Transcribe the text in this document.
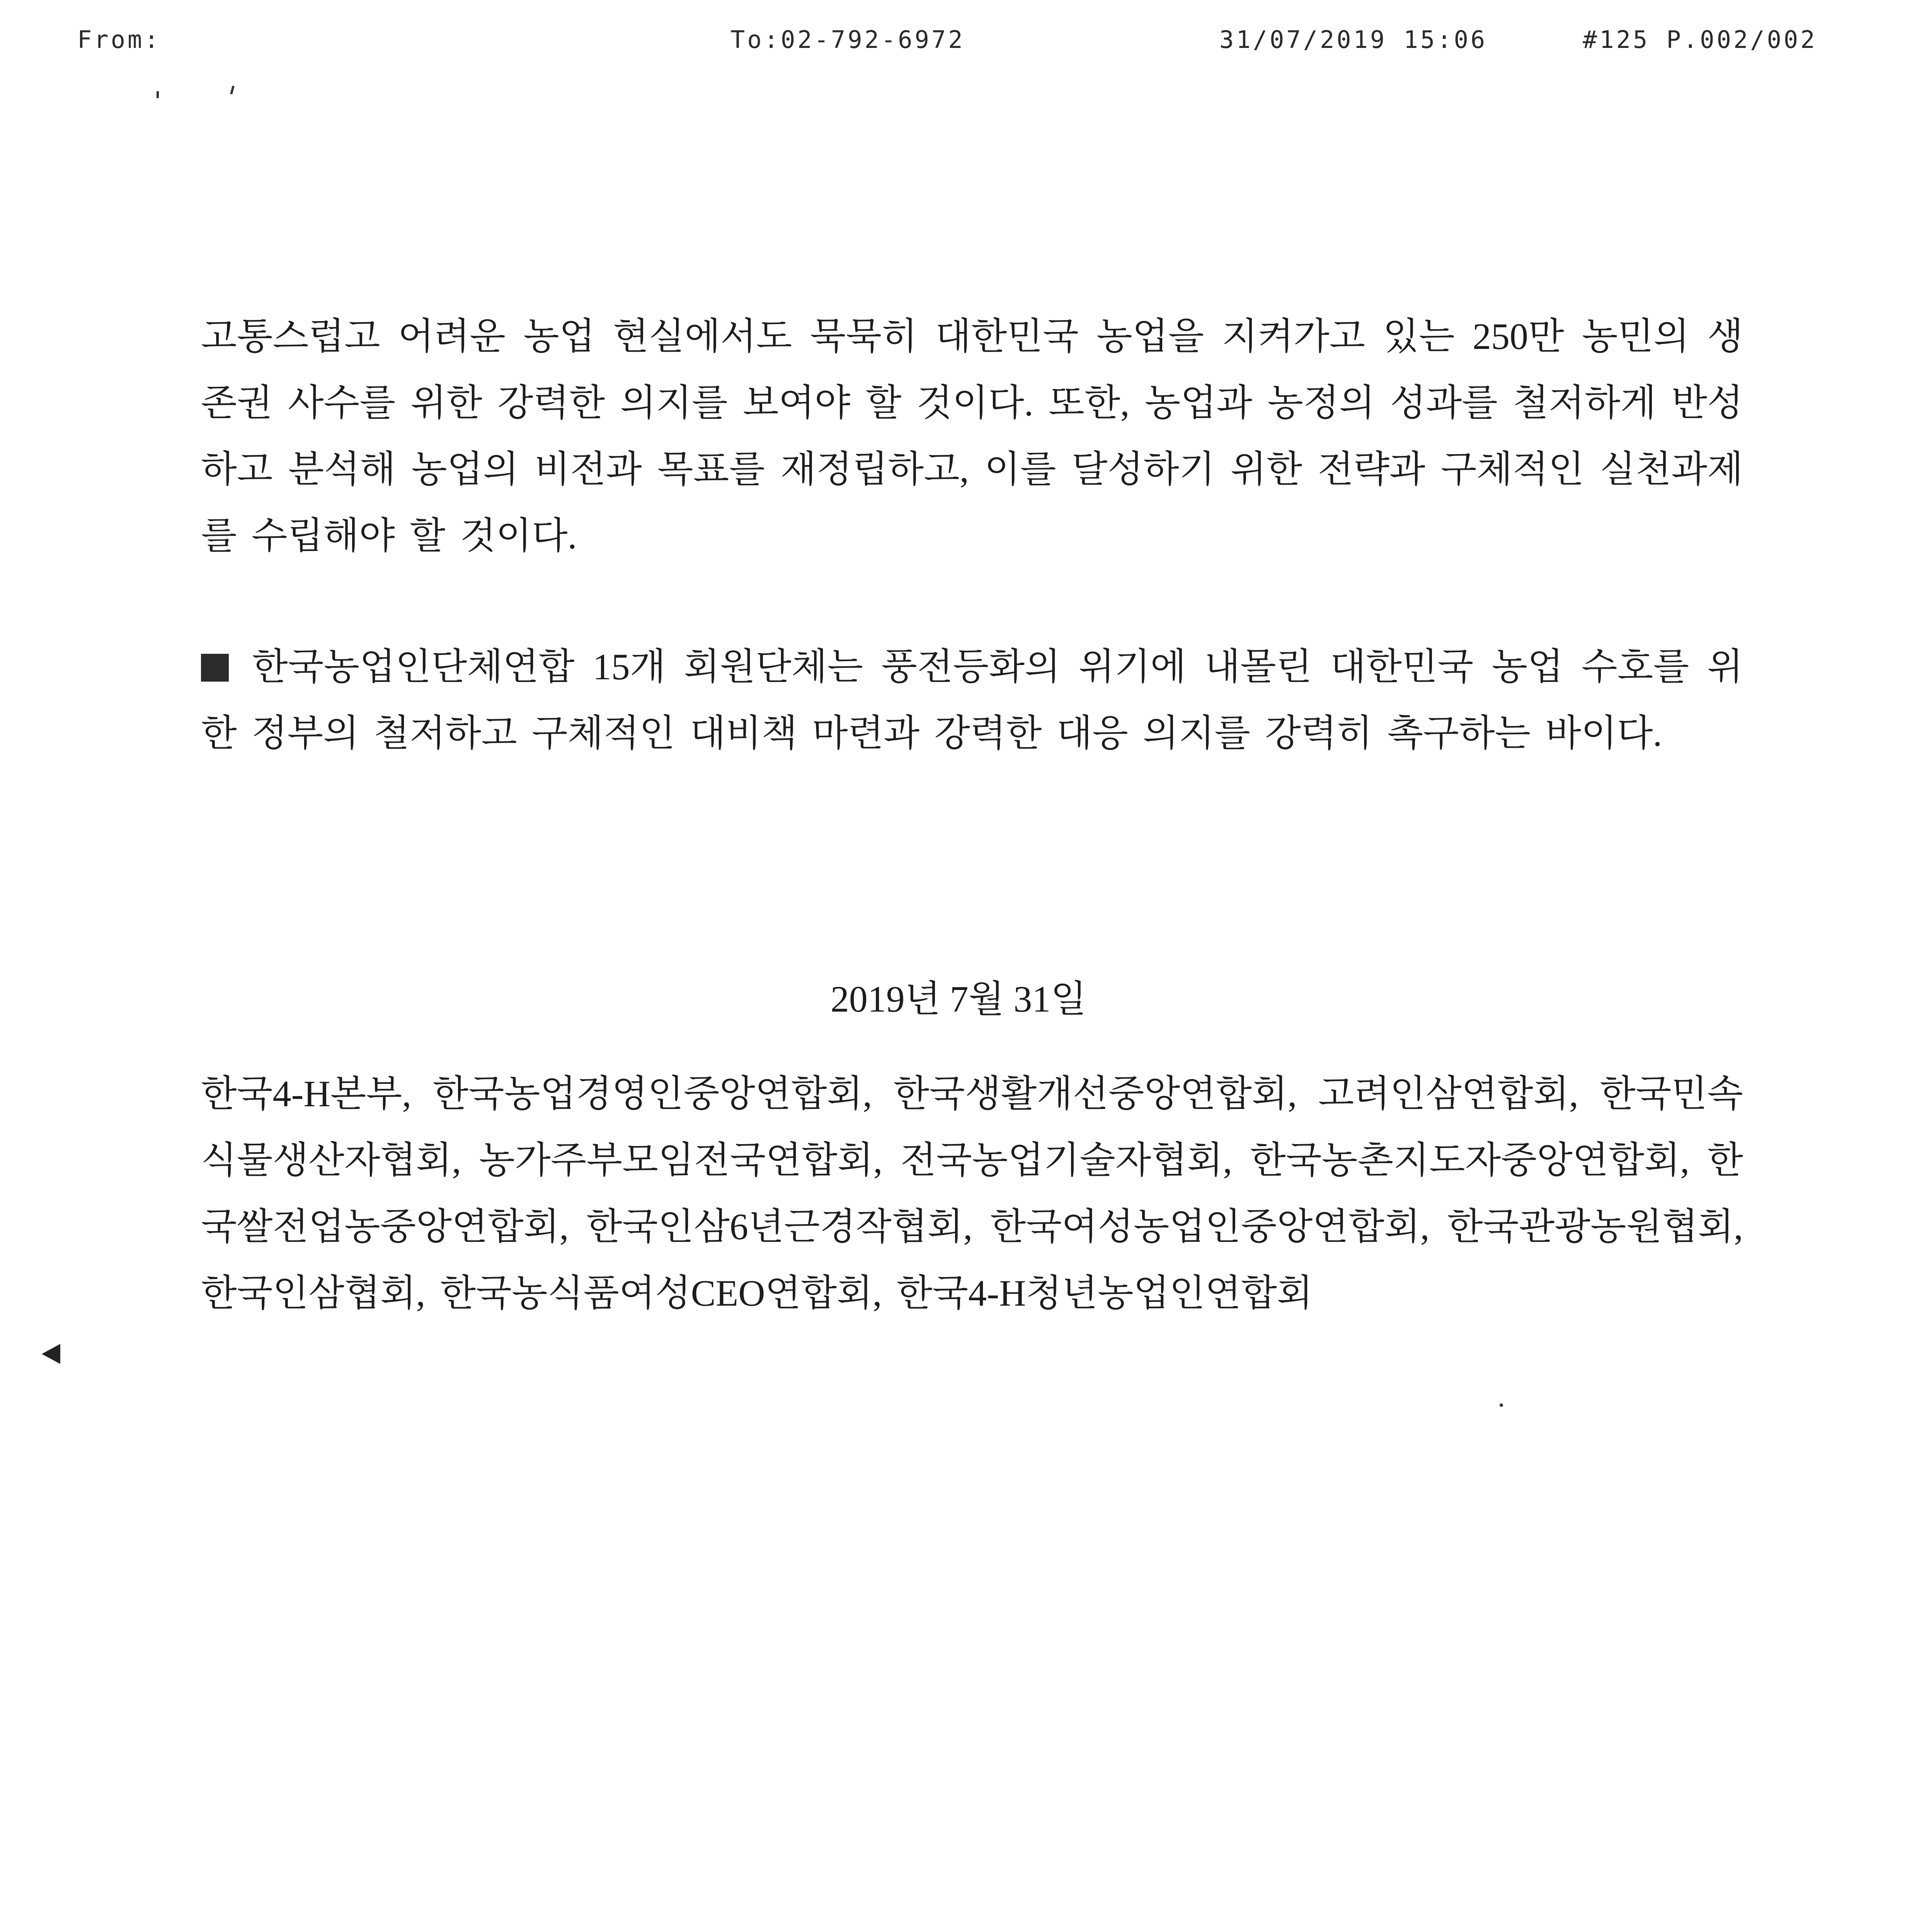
From:	To:02-792-6972	31/07/2019 15:06	#125 P.002/002
고통스럽고 어려운 농업 현실에서도 묵묵히 대한민국 농업을 지켜가고 있는 250만 농민의 생존권 사수를 위한 강력한 의지를 보여야 할 것이다. 또한, 농업과 농정의 성과를 철저하게 반성하고 분석해 농업의 비전과 목표를 재정립하고, 이를 달성하기 위한 전략과 구체적인 실천과제를 수립해야 할 것이다.
한국농업인단체연합 15개 회원단체는 풍전등화의 위기에 내몰린 대한민국 농업 수호를 위한 정부의 철저하고 구체적인 대비책 마련과 강력한 대응 의지를 강력히 촉구하는 바이다.
2019년 7월 31일
한국4-H본부, 한국농업경영인중앙연합회, 한국생활개선중앙연합회, 고려인삼연합회, 한국민속식물생산자협회, 농가주부모임전국연합회, 전국농업기술자협회, 한국농촌지도자중앙연합회, 한국쌀전업농중앙연합회, 한국인삼6년근경작협회, 한국여성농업인중앙연합회, 한국관광농원협회, 한국인삼협회, 한국농식품여성CEO연합회, 한국4-H청년농업인연합회
